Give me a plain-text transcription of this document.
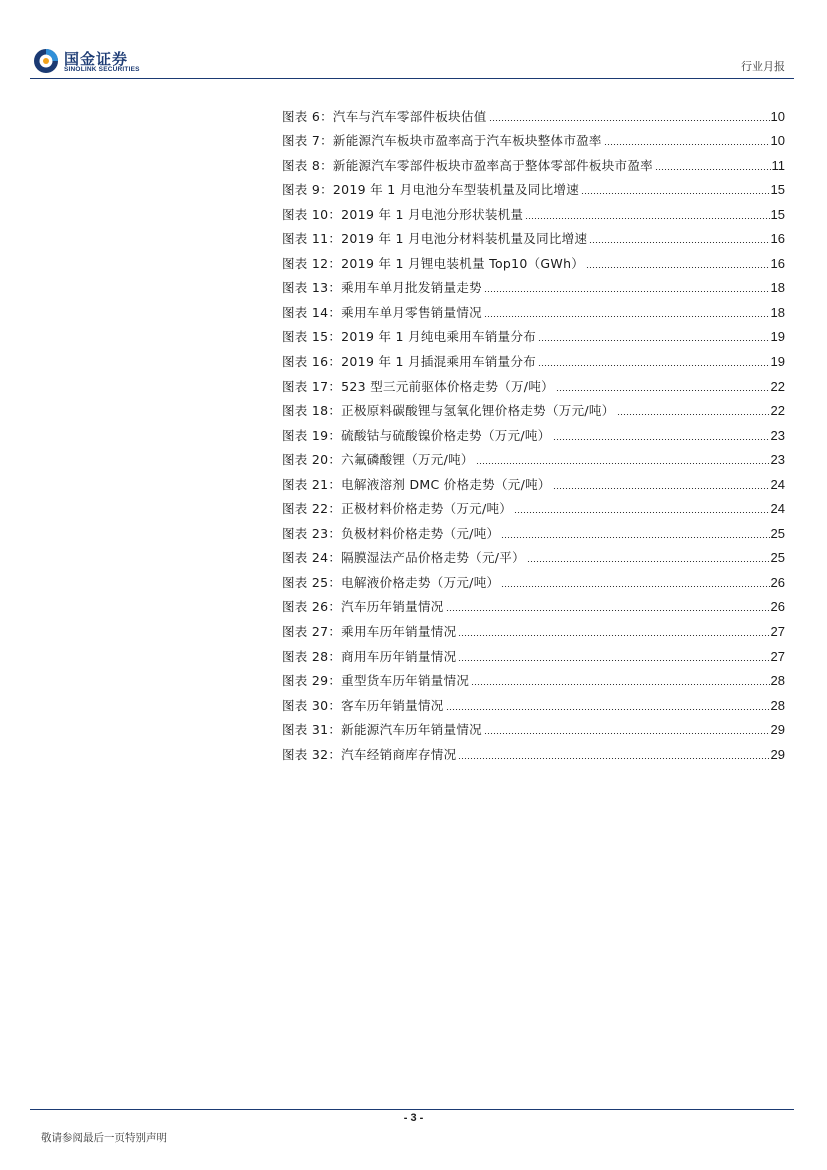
国金证券
SINOLINK SECURITIES	行业月报
图表 6：汽车与汽车零部件板块估值	10
图表 7：新能源汽车板块市盈率高于汽车板块整体市盈率	10
图表 8：新能源汽车零部件板块市盈率高于整体零部件板块市盈率	11
图表 9：2019 年 1 月电池分车型装机量及同比增速	15
图表 10：2019 年 1 月电池分形状装机量	15
图表 11：2019 年 1 月电池分材料装机量及同比增速	16
图表 12：2019 年 1 月锂电装机量 Top10（GWh）	16
图表 13：乘用车单月批发销量走势	18
图表 14：乘用车单月零售销量情况	18
图表 15：2019 年 1 月纯电乘用车销量分布	19
图表 16：2019 年 1 月插混乘用车销量分布	19
图表 17：523 型三元前驱体价格走势（万/吨）	22
图表 18：正极原料碳酸锂与氢氧化锂价格走势（万元/吨）	22
图表 19：硫酸钴与硫酸镍价格走势（万元/吨）	23
图表 20：六氟磷酸锂（万元/吨）	23
图表 21：电解液溶剂 DMC 价格走势（元/吨）	24
图表 22：正极材料价格走势（万元/吨）	24
图表 23：负极材料价格走势（元/吨）	25
图表 24：隔膜湿法产品价格走势（元/平）	25
图表 25：电解液价格走势（万元/吨）	26
图表 26：汽车历年销量情况	26
图表 27：乘用车历年销量情况	27
图表 28：商用车历年销量情况	27
图表 29：重型货车历年销量情况	28
图表 30：客车历年销量情况	28
图表 31：新能源汽车历年销量情况	29
图表 32：汽车经销商库存情况	29
- 3 -
敬请参阅最后一页特别声明
